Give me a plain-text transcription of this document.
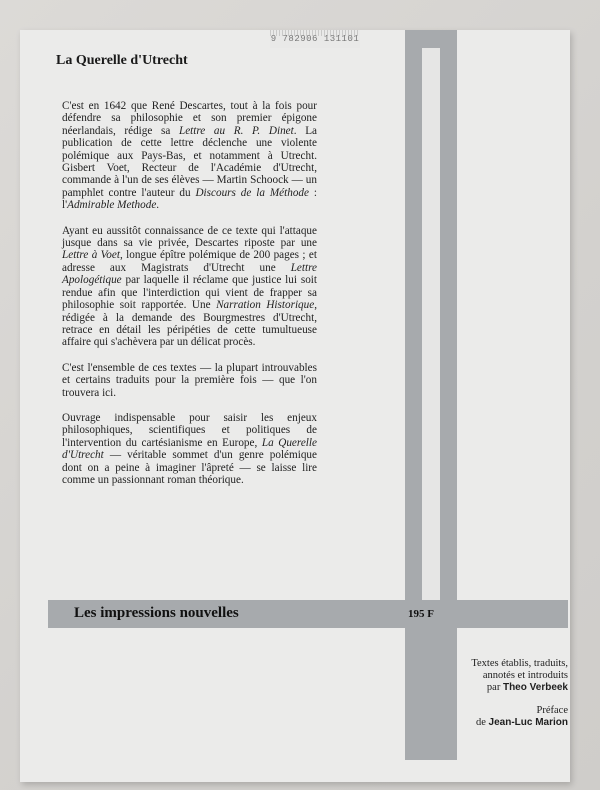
9 782906 131101
La Querelle d'Utrecht

C'est en 1642 que René Descartes, tout à la fois pour défendre sa philosophie et son premier épigone néerlandais, rédige sa Lettre au R. P. Dinet. La publication de cette lettre déclenche une violente polémique aux Pays-Bas, et notamment à Utrecht. Gisbert Voet, Recteur de l'Académie d'Utrecht, commande à l'un de ses élèves — Martin Schoock — un pamphlet contre l'auteur du Discours de la Méthode : l'Admirable Methode.

Ayant eu aussitôt connaissance de ce texte qui l'attaque jusque dans sa vie privée, Descartes riposte par une Lettre à Voet, longue épître polémique de 200 pages ; et adresse aux Magistrats d'Utrecht une Lettre Apologétique par laquelle il réclame que justice lui soit rendue afin que l'interdiction qui vient de frapper sa philosophie soit rapportée. Une Narration Historique, rédigée à la demande des Bourgmestres d'Utrecht, retrace en détail les péripéties de cette tumultueuse affaire qui s'achèvera par un délicat procès.

C'est l'ensemble de ces textes — la plupart introuvables et certains traduits pour la première fois — que l'on trouvera ici.

Ouvrage indispensable pour saisir les enjeux philosophiques, scientifiques et politiques de l'intervention du cartésianisme en Europe, La Querelle d'Utrecht — véritable sommet d'un genre polémique dont on a peine à imaginer l'âpreté — se laisse lire comme un passionnant roman théorique.

Les impressions nouvelles	195 F
Textes établis, traduits,
annotés et introduits
par Theo Verbeek
Préface
de Jean-Luc Marion
